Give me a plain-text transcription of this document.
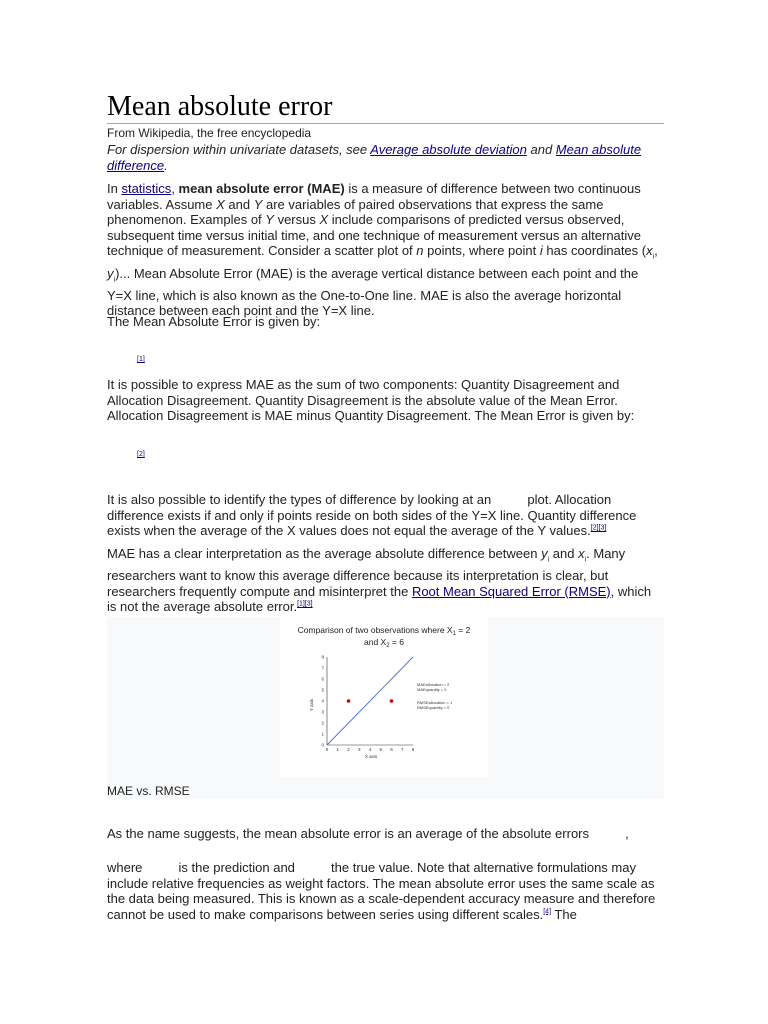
Mean absolute error
From Wikipedia, the free encyclopedia
For dispersion within univariate datasets, see Average absolute deviation and Mean absolute difference.

In statistics, mean absolute error (MAE) is a measure of difference between two continuous variables. Assume X and Y are variables of paired observations that express the same phenomenon. Examples of Y versus X include comparisons of predicted versus observed, subsequent time versus initial time, and one technique of measurement versus an alternative technique of measurement. Consider a scatter plot of n points, where point i has coordinates ($x_i$, $y_i$)... Mean Absolute Error (MAE) is the average vertical distance between each point and the Y=X line, which is also known as the One-to-One line. MAE is also the average horizontal distance between each point and the Y=X line.

The Mean Absolute Error is given by:

[1]

It is possible to express MAE as the sum of two components: Quantity Disagreement and Allocation Disagreement. Quantity Disagreement is the absolute value of the Mean Error. Allocation Disagreement is MAE minus Quantity Disagreement. The Mean Error is given by:

[2]

It is also possible to identify the types of difference by looking at an	plot. Allocation difference exists if and only if points reside on both sides of the Y=X line. Quantity difference exists when the average of the X values does not equal the average of the Y values.[2][3]

MAE has a clear interpretation as the average absolute difference between $y_i$ and $x_i$. Many researchers want to know this average difference because its interpretation is clear, but researchers frequently compute and misinterpret the Root Mean Squared Error (RMSE), which is not the average absolute error.[1][3]

Comparison of two observations where $X_1 = 2$
and $X_2 = 6$
0 1 2 3 4 5 6 7 8
0
1
2
3
4
5
6
7
8
X axis
Y axis
MAEallocation = 2
MAEquantity = 0
RMSEallocation = 1
RMSEquantity = 0
MAE vs. RMSE

As the name suggests, the mean absolute error is an average of the absolute errors	,

where	is the prediction and	the true value. Note that alternative formulations may include relative frequencies as weight factors. The mean absolute error uses the same scale as the data being measured. This is known as a scale-dependent accuracy measure and therefore cannot be used to make comparisons between series using different scales.[4] The
